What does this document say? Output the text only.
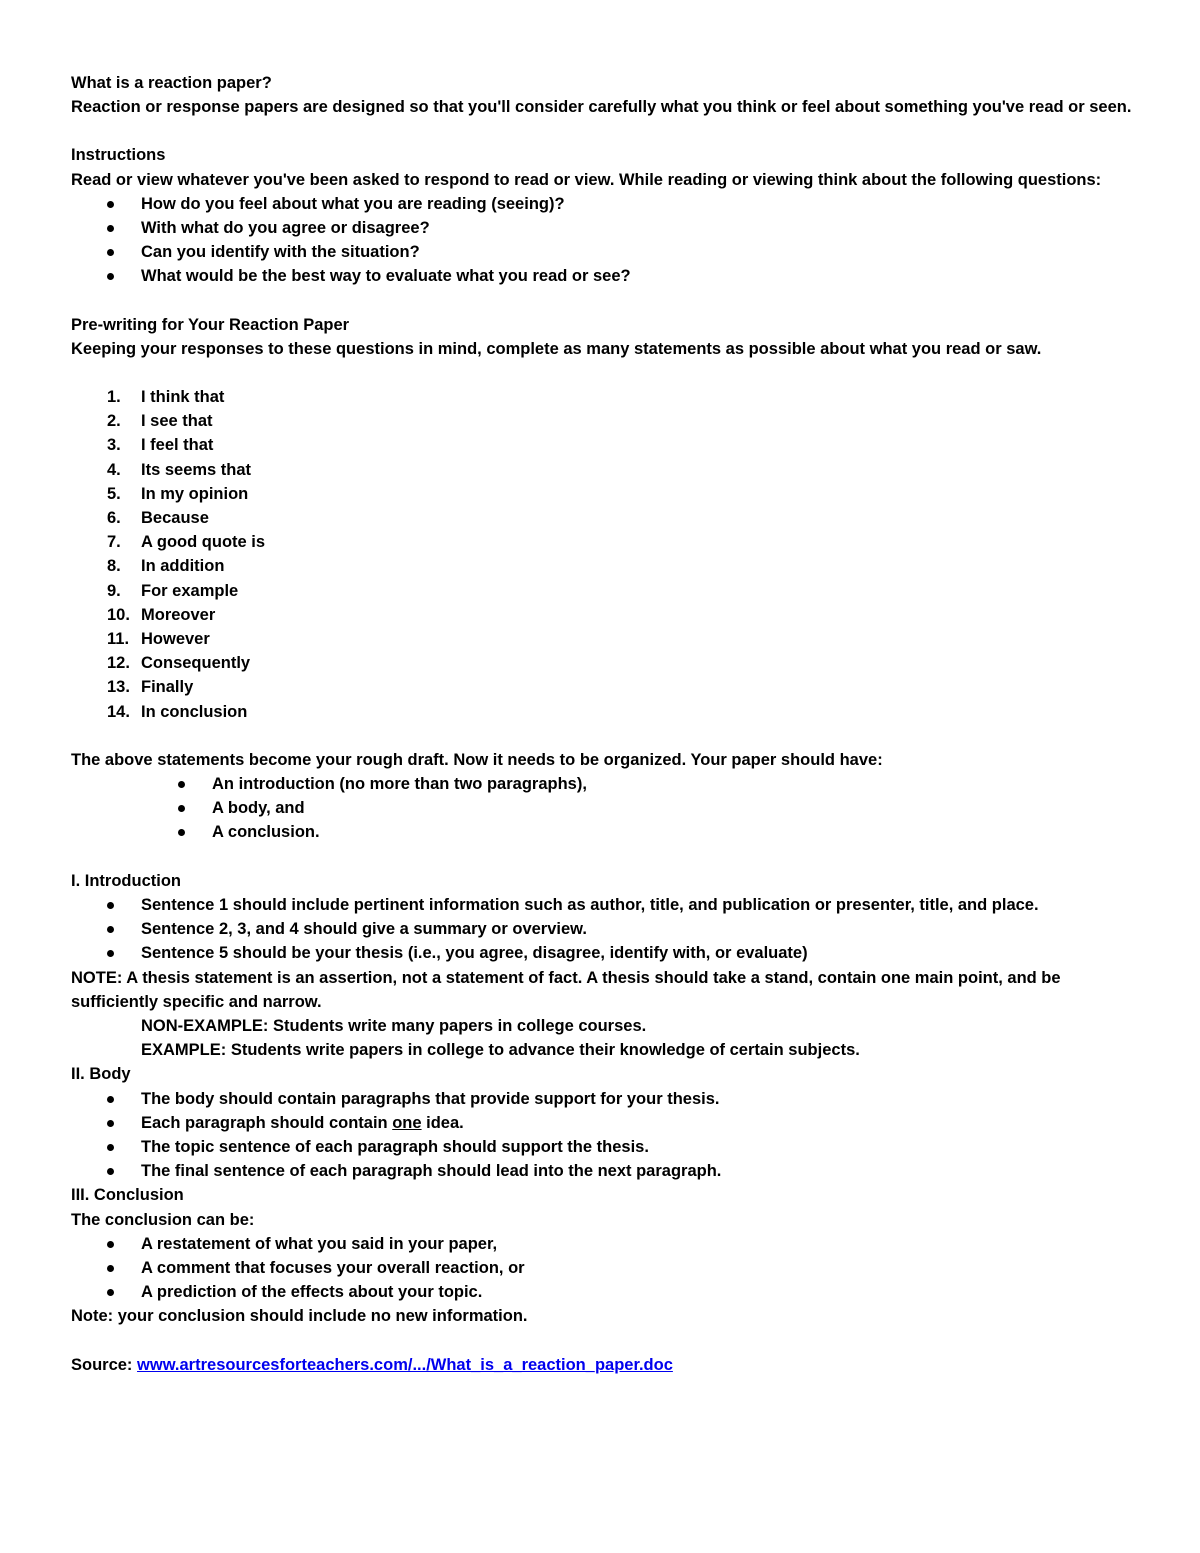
What is a reaction paper?

Reaction or response papers are designed so that you'll consider carefully what you think or feel about something you've read or seen.

Instructions

Read or view whatever you've been asked to respond to read or view. While reading or viewing think about the following questions:

How do you feel about what you are reading (seeing)?
With what do you agree or disagree?
Can you identify with the situation?
What would be the best way to evaluate what you read or see?

Pre-writing for Your Reaction Paper

Keeping your responses to these questions in mind, complete as many statements as possible about what you read or saw.

1.	I think that
2.	I see that
3.	I feel that
4.	Its seems that
5.	In my opinion
6.	Because
7.	A good quote is
8.	In addition
9.	For example
10. Moreover
11. However
12. Consequently
13. Finally
14. In conclusion

The above statements become your rough draft. Now it needs to be organized. Your paper should have:

An introduction (no more than two paragraphs),
A body, and
A conclusion.

I. Introduction

Sentence 1 should include pertinent information such as author, title, and publication or presenter, title, and place.
Sentence 2, 3, and 4 should give a summary or overview.
Sentence 5 should be your thesis (i.e., you agree, disagree, identify with, or evaluate)

NOTE: A thesis statement is an assertion, not a statement of fact. A thesis should take a stand, contain one main point, and be sufficiently specific and narrow.

NON-EXAMPLE: Students write many papers in college courses.

EXAMPLE: Students write papers in college to advance their knowledge of certain subjects.

II. Body

The body should contain paragraphs that provide support for your thesis.
Each paragraph should contain one idea.
The topic sentence of each paragraph should support the thesis.
The final sentence of each paragraph should lead into the next paragraph.

III. Conclusion

The conclusion can be:

A restatement of what you said in your paper,
A comment that focuses your overall reaction, or
A prediction of the effects about your topic.

Note: your conclusion should include no new information.

Source: www.artresourcesforteachers.com/.../What_is_a_reaction_paper.doc
